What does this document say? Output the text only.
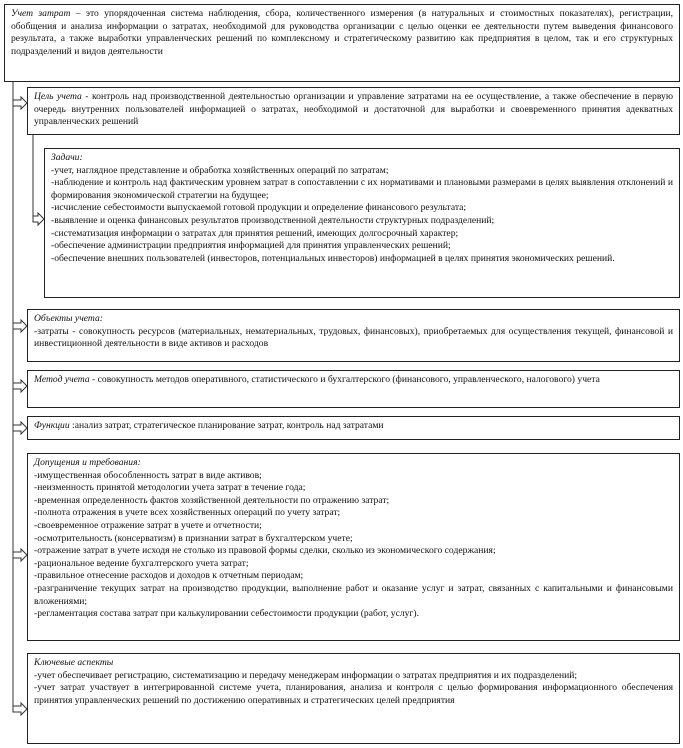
Учет затрат – это упорядоченная система наблюдения, сбора, количественного измерения (в натуральных и стоимостных показателях), регистрации, обобщения и анализа информации о затратах, необходимой для руководства организации с целью оценки ее деятельности путем выведения финансового результата, а также выработки управленческих решений по комплексному и стратегическому развитию как предприятия в целом, так и его структурных подразделений и видов деятельности

Цель учета - контроль над производственной деятельностью организации и управление затратами на ее осуществление, а также обеспечение в первую очередь внутренних пользователей информацией о затратах, необходимой и достаточной для выработки и своевременного принятия адекватных управленческих решений

Задачи:
-учет, наглядное представление и обработка хозяйственных операций по затратам;
-наблюдение и контроль над фактическим уровнем затрат в сопоставлении с их нормативами и плановыми размерами в целях выявления отклонений и формирования экономической стратегии на будущее;
-исчисление себестоимости выпускаемой готовой продукции и определение финансового результата;
-выявление и оценка финансовых результатов производственной деятельности структурных подразделений;
-систематизация информации о затратах для принятия решений, имеющих долгосрочный характер;
-обеспечение администрации предприятия информацией для принятия управленческих решений;
-обеспечение внешних пользователей (инвесторов, потенциальных инвесторов) информацией в целях принятия экономических решений.
Объекты учета:
-затраты - совокупность ресурсов (материальных, нематериальных, трудовых, финансовых), приобретаемых для осуществления текущей, финансовой и инвестиционной деятельности в виде активов и расходов

Метод учета - совокупность методов оперативного, статистического и бухгалтерского (финансового, управленческого, налогового) учета

Функции :анализ затрат, стратегическое планирование затрат, контроль над затратами

Допущения и требования:
-имущественная обособленность затрат в виде активов;
-неизменность принятой методологии учета затрат в течение года;
-временная определенность фактов хозяйственной деятельности по отражению затрат;
-полнота отражения в учете всех хозяйственных операций по учету затрат;
-своевременное отражение затрат в учете и отчетности;
-осмотрительность (консерватизм) в признании затрат в бухгалтерском учете;
-отражение затрат в учете исходя не столько из правовой формы сделки, сколько из экономического содержания;
-рациональное ведение бухгалтерского учета затрат;
-правильное отнесение расходов и доходов к отчетным периодам;
-разграничение текущих затрат на производство продукции, выполнение работ и оказание услуг и затрат, связанных с капитальными и финансовыми вложениями;
-регламентация состава затрат при калькулировании себестоимости продукции (работ, услуг).
Ключевые аспекты
-учет обеспечивает регистрацию, систематизацию и передачу менеджерам информации о затратах предприятия и их подразделений;
-учет затрат участвует в интегрированной системе учета, планирования, анализа и контроля с целью формирования информационного обеспечения принятия управленческих решений по достижению оперативных и стратегических целей предприятия
